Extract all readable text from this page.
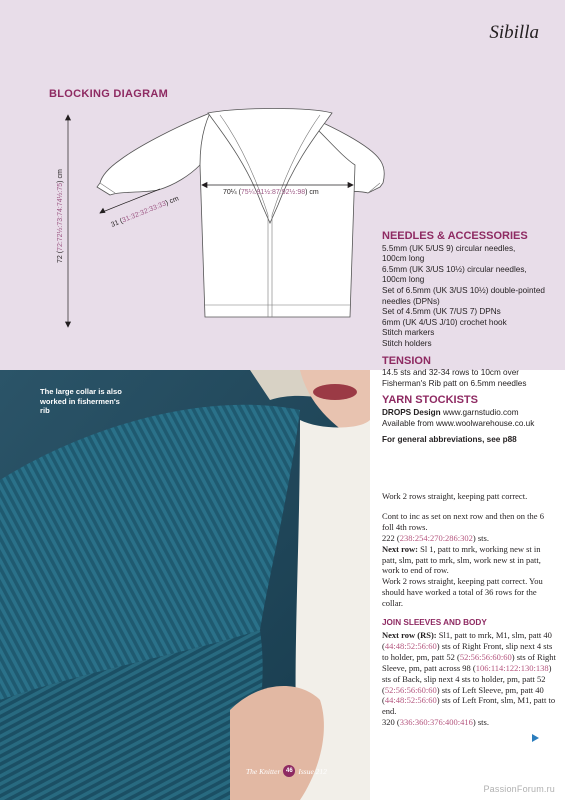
Sibilla
BLOCKING DIAGRAM
70¼ (75¼:81½:87:92½:98) cm
31 (31:32:32:33:33) cm
72 (72:72½:73:74:74½:75) cm
NEEDLES & ACCESSORIES
5.5mm (UK 5/US 9) circular needles,
100cm long
6.5mm (UK 3/US 10½) circular needles,
100cm long
Set of 6.5mm (UK 3/US 10½) double-pointed
needles (DPNs)
Set of 4.5mm (UK 7/US 7) DPNs
6mm (UK 4/US J/10) crochet hook
Stitch markers
Stitch holders
TENSION
14.5 sts and 32-34 rows to 10cm over
Fisherman's Rib patt on 6.5mm needles
YARN STOCKISTS
DROPS Design www.garnstudio.com
Available from www.woolwarehouse.co.uk
For general abbreviations, see p88
The large collar is also worked in fishermen's rib
The Knitter 46 Issue 212

Work 2 rows straight, keeping patt correct.

Cont to inc as set on next row and then on the 6 foll 4th rows.
222 (238:254:270:286:302) sts.
Next row: Sl 1, patt to mrk, working new st in patt, slm, patt to mrk, slm, work new st in patt, work to end of row.
Work 2 rows straight, keeping patt correct. You should have worked a total of 36 rows for the collar.

JOIN SLEEVES AND BODY
Next row (RS): Sl1, patt to mrk, M1, slm, patt 40 (44:48:52:56:60) sts of Right Front, slip next 4 sts to holder, pm, patt 52 (52:56:56:60:60) sts of Right Sleeve, pm, patt across 98 (106:114:122:130:138) sts of Back, slip next 4 sts to holder, pm, patt 52 (52:56:56:60:60) sts of Left Sleeve, pm, patt 40 (44:48:52:56:60) sts of Left Front, slm, M1, patt to end.
320 (336:360:376:400:416) sts.
PassionForum.ru
